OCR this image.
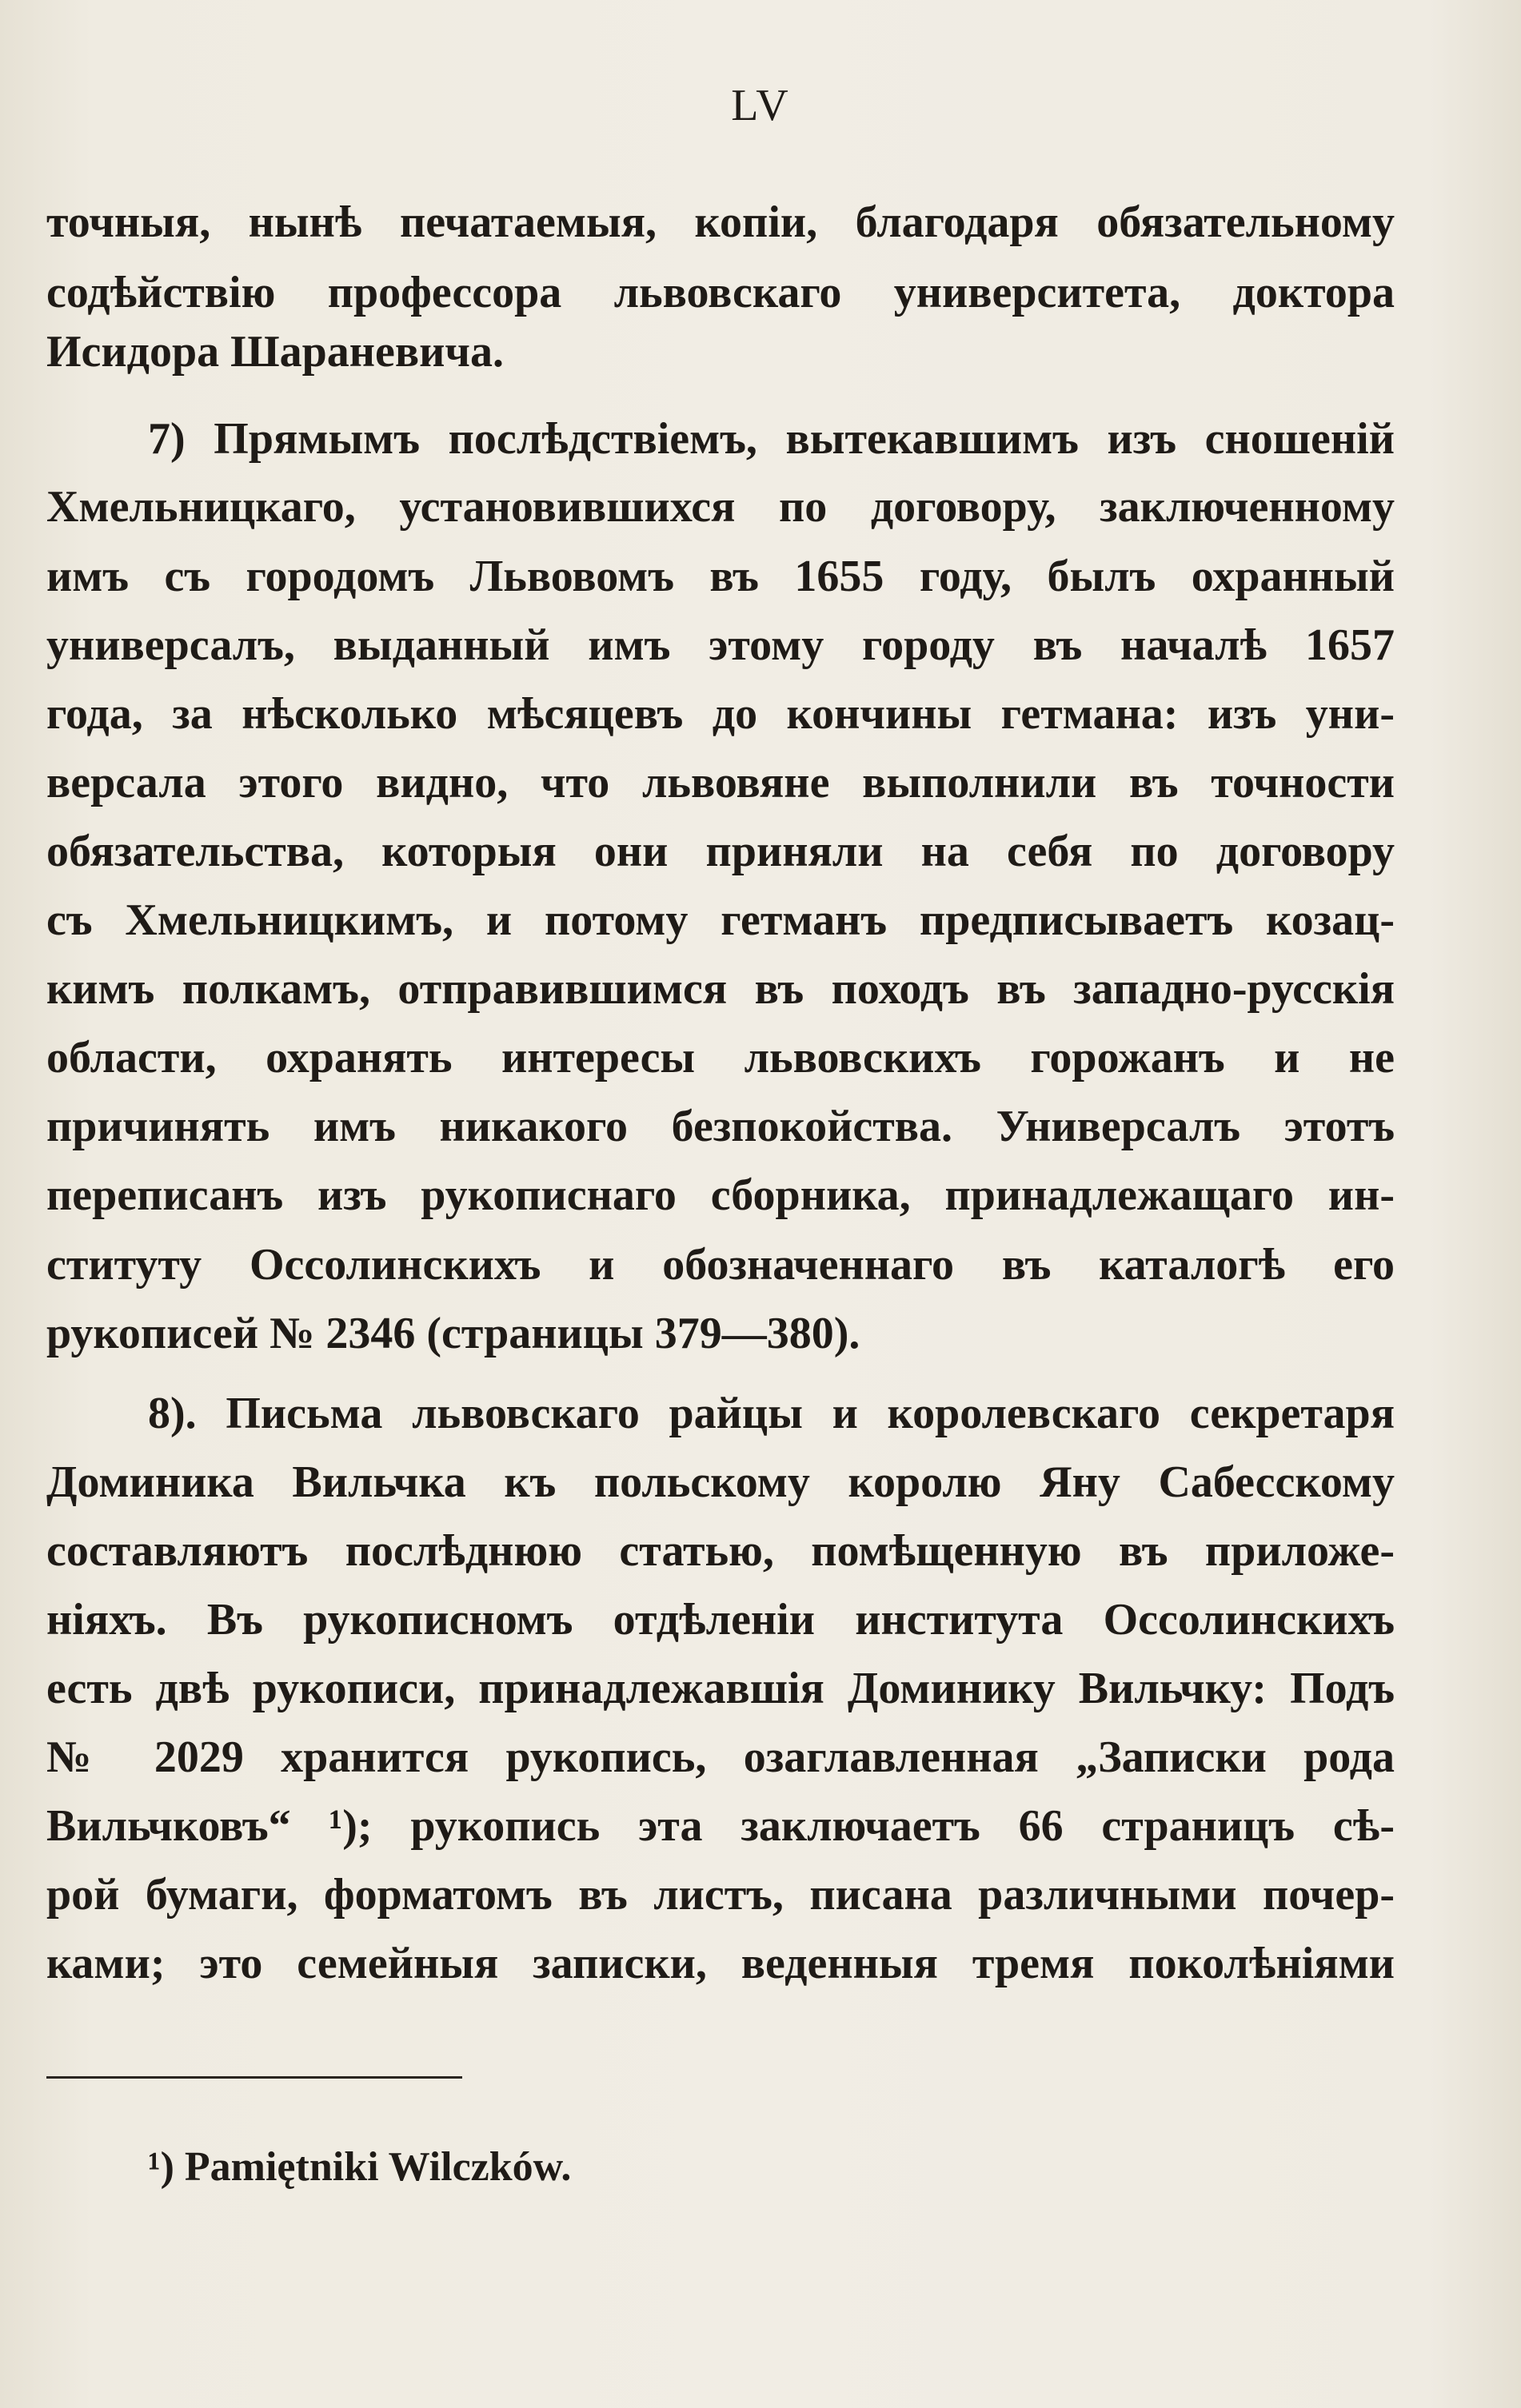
LV
точныя, нынѣ печатаемыя, копіи, благодаря обязательному
содѣйствію профессора львовскаго университета, доктора
Исидора Шараневича.
7) Прямымъ послѣдствіемъ, вытекавшимъ изъ сношеній
Хмельницкаго, установившихся по договору, заключенному
имъ съ городомъ Львовомъ въ 1655 году, былъ охранный
универсалъ, выданный имъ этому городу въ началѣ 1657
года, за нѣсколько мѣсяцевъ до кончины гетмана: изъ уни-
версала этого видно, что львовяне выполнили въ точности
обязательства, которыя они приняли на себя по договору
съ Хмельницкимъ, и потому гетманъ предписываетъ козац-
кимъ полкамъ, отправившимся въ походъ въ западно-русскія
области, охранять интересы львовскихъ горожанъ и не
причинять имъ никакого безпокойства. Универсалъ этотъ
переписанъ изъ рукописнаго сборника, принадлежащаго ин-
ституту Оссолинскихъ и обозначеннаго въ каталогѣ его
рукописей № 2346 (страницы 379—380).
8). Письма львовскаго райцы и королевскаго секретаря
Доминика Вильчка къ польскому королю Яну Сабесскому
составляютъ послѣднюю статью, помѣщенную въ приложе-
ніяхъ. Въ рукописномъ отдѣленіи института Оссолинскихъ
есть двѣ рукописи, принадлежавшія Доминику Вильчку: Подъ
№ 2029 хранится рукопись, озаглавленная „Записки рода
Вильчковъ“ ¹); рукопись эта заключаетъ 66 страницъ сѣ-
рой бумаги, форматомъ въ листъ, писана различными почер-
ками; это семейныя записки, веденныя тремя поколѣніями
¹) Pamiętniki Wilczków.
